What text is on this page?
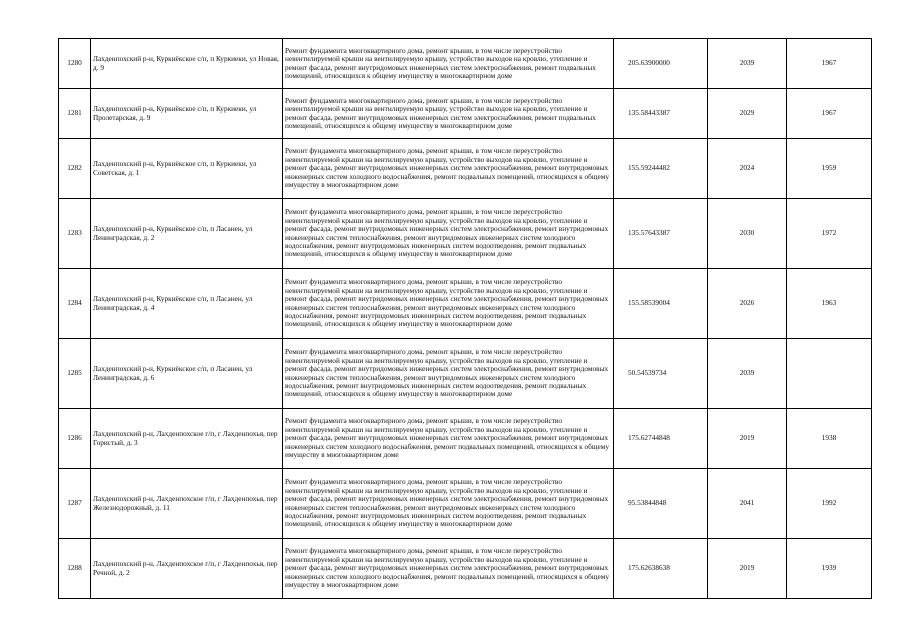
1280	Лахденпохский р-н, Куркиёкское с/п, п Куркиеки, ул Новая, д. 9	Ремонт фундамента многоквартирного дома, ремонт крыши, в том числе переустройство невентилируемой крыши на вентилируемую крышу, устройство выходов на кровлю, утепление и ремонт фасада, ремонт внутридомовых инженерных систем электроснабжения, ремонт подвальных помещений, относящихся к общему имуществу в многоквартирном доме	205.63900000	2039	1967
1281	Лахденпохский р-н, Куркиёкское с/п, п Куркиеки, ул Пролетарская, д. 9	Ремонт фундамента многоквартирного дома, ремонт крыши, в том числе переустройство невентилируемой крыши на вентилируемую крышу, устройство выходов на кровлю, утепление и ремонт фасада, ремонт внутридомовых инженерных систем электроснабжения, ремонт подвальных помещений, относящихся к общему имуществу в многоквартирном доме	135.58443387	2029	1967
1282	Лахденпохский р-н, Куркиёкское с/п, п Куркиеки, ул Советская, д. 1	Ремонт фундамента многоквартирного дома, ремонт крыши, в том числе переустройство невентилируемой крыши на вентилируемую крышу, устройство выходов на кровлю, утепление и ремонт фасада, ремонт внутридомовых инженерных систем электроснабжения, ремонт внутридомовых инженерных систем холодного водоснабжения, ремонт подвальных помещений, относящихся к общему имуществу в многоквартирном доме	155.59244482	2024	1959
1283	Лахденпохский р-н, Куркиёкское с/п, п Ласанен, ул Ленинградская, д. 2	Ремонт фундамента многоквартирного дома, ремонт крыши, в том числе переустройство невентилируемой крыши на вентилируемую крышу, устройство выходов на кровлю, утепление и ремонт фасада, ремонт внутридомовых инженерных систем электроснабжения, ремонт внутридомовых инженерных систем теплоснабжения, ремонт внутридомовых инженерных систем холодного водоснабжения, ремонт внутридомовых инженерных систем водоотведения, ремонт подвальных помещений, относящихся к общему имуществу в многоквартирном доме	135.57643387	2030	1972
1284	Лахденпохский р-н, Куркиёкское с/п, п Ласанен, ул Ленинградская, д. 4	Ремонт фундамента многоквартирного дома, ремонт крыши, в том числе переустройство невентилируемой крыши на вентилируемую крышу, устройство выходов на кровлю, утепление и ремонт фасада, ремонт внутридомовых инженерных систем электроснабжения, ремонт внутридомовых инженерных систем теплоснабжения, ремонт внутридомовых инженерных систем холодного водоснабжения, ремонт внутридомовых инженерных систем водоотведения, ремонт подвальных помещений, относящихся к общему имуществу в многоквартирном доме	155.58539004	2026	1963
1285	Лахденпохский р-н, Куркиёкское с/п, п Ласанен, ул Ленинградская, д. 6	Ремонт фундамента многоквартирного дома, ремонт крыши, в том числе переустройство невентилируемой крыши на вентилируемую крышу, устройство выходов на кровлю, утепление и ремонт фасада, ремонт внутридомовых инженерных систем электроснабжения, ремонт внутридомовых инженерных систем теплоснабжения, ремонт внутридомовых инженерных систем холодного водоснабжения, ремонт внутридомовых инженерных систем водоотведения, ремонт подвальных помещений, относящихся к общему имуществу в многоквартирном доме	50.54539734	2039	
1286	Лахденпохский р-н, Лахденпохское г/п, г Лахденпохья, пер Гористый, д. 3	Ремонт фундамента многоквартирного дома, ремонт крыши, в том числе переустройство невентилируемой крыши на вентилируемую крышу, устройство выходов на кровлю, утепление и ремонт фасада, ремонт внутридомовых инженерных систем электроснабжения, ремонт внутридомовых инженерных систем холодного водоснабжения, ремонт подвальных помещений, относящихся к общему имуществу в многоквартирном доме	175.62744848	2019	1938
1287	Лахденпохский р-н, Лахденпохское г/п, г Лахденпохья, пер Железнодорожный, д. 11	Ремонт фундамента многоквартирного дома, ремонт крыши, в том числе переустройство невентилируемой крыши на вентилируемую крышу, устройство выходов на кровлю, утепление и ремонт фасада, ремонт внутридомовых инженерных систем электроснабжения, ремонт внутридомовых инженерных систем теплоснабжения, ремонт внутридомовых инженерных систем холодного водоснабжения, ремонт внутридомовых инженерных систем водоотведения, ремонт подвальных помещений, относящихся к общему имуществу в многоквартирном доме	95.53844848	2041	1992
1288	Лахденпохский р-н, Лахденпохское г/п, г Лахденпохья, пер Речной, д. 2	Ремонт фундамента многоквартирного дома, ремонт крыши, в том числе переустройство невентилируемой крыши на вентилируемую крышу, устройство выходов на кровлю, утепление и ремонт фасада, ремонт внутридомовых инженерных систем электроснабжения, ремонт внутридомовых инженерных систем холодного водоснабжения, ремонт подвальных помещений, относящихся к общему имуществу в многоквартирном доме	175.62638638	2019	1939
